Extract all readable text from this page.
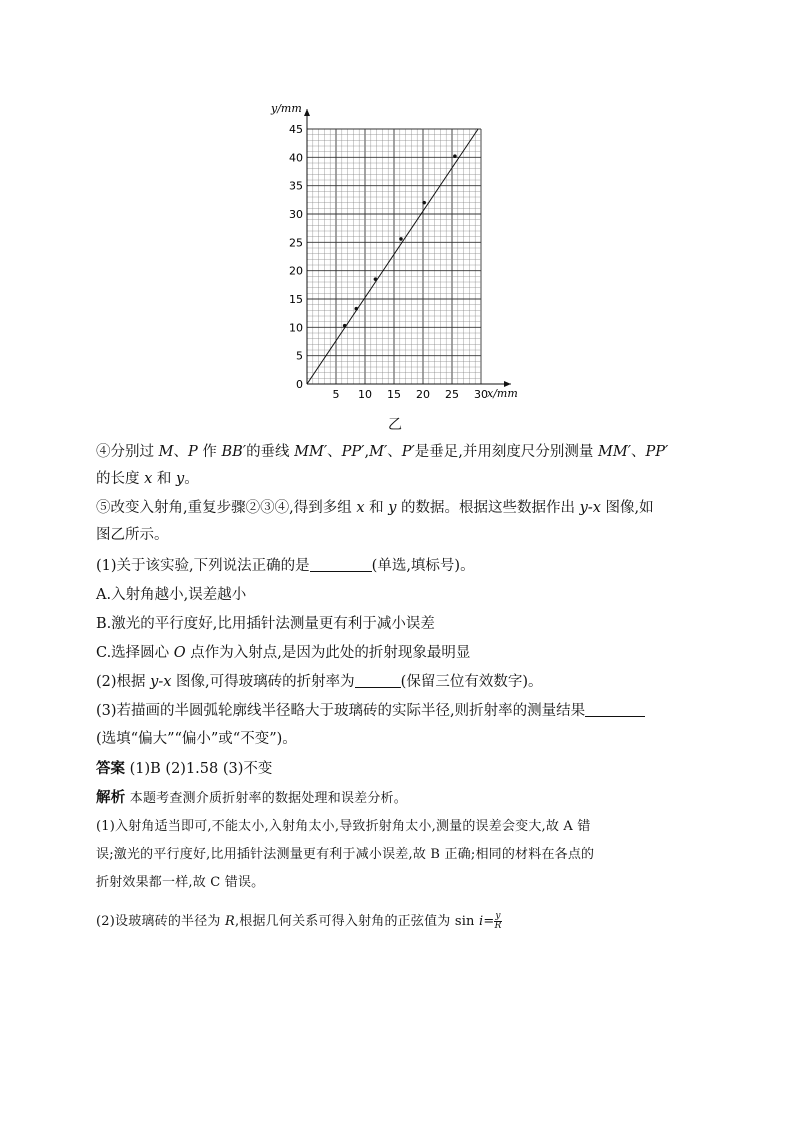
y/mm
x/mm
5 10 15 20 25 30
0
5
10
15
20
25
30
35
40
45
乙
④分别过 M、P 作 BB′的垂线 MM′、PP′,M′、P′是垂足,并用刻度尺分别测量 MM′、PP′
的长度 x 和 y。
⑤改变入射角,重复步骤②③④,得到多组 x 和 y 的数据。根据这些数据作出 y-x 图像,如
图乙所示。
(1)关于该实验,下列说法正确的是	(单选,填标号)。
A.入射角越小,误差越小
B.激光的平行度好,比用插针法测量更有利于减小误差
C.选择圆心 O 点作为入射点,是因为此处的折射现象最明显
(2)根据 y-x 图像,可得玻璃砖的折射率为	(保留三位有效数字)。
(3)若描画的半圆弧轮廓线半径略大于玻璃砖的实际半径,则折射率的测量结果
(选填“偏大”“偏小”或“不变”)。
答案 (1)B (2)1.58 (3)不变
解析 本题考查测介质折射率的数据处理和误差分析。
(1)入射角适当即可,不能太小,入射角太小,导致折射角太小,测量的误差会变大,故 A 错
误;激光的平行度好,比用插针法测量更有利于减小误差,故 B 正确;相同的材料在各点的
折射效果都一样,故 C 错误。
(2)设玻璃砖的半径为 R,根据几何关系可得入射角的正弦值为 $\sin i= \frac{y}{R}$
